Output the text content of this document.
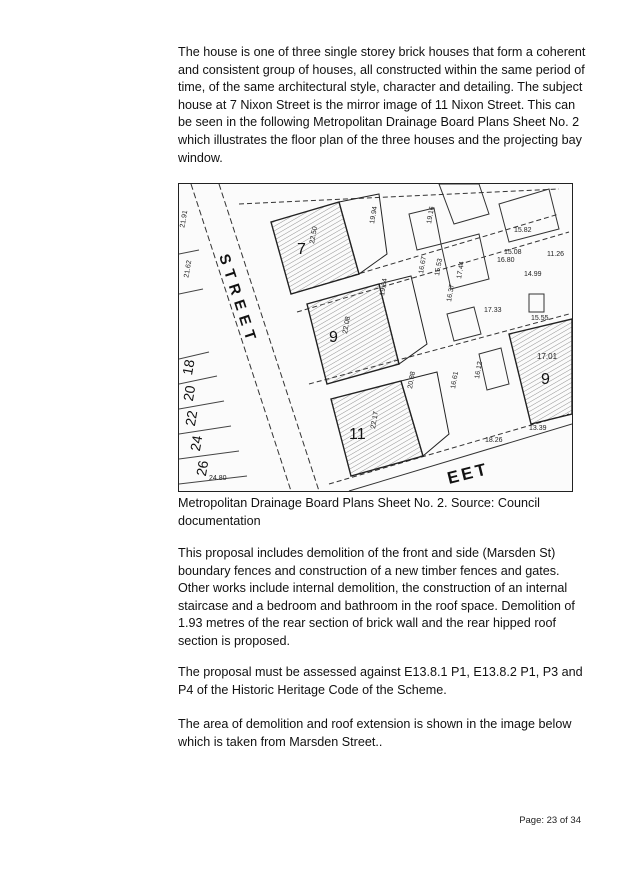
The house is one of three single storey brick houses that form a coherent and consistent group of houses, all constructed within the same period of time, of the same architectural style, character and detailing. The subject house at 7 Nixon Street is the mirror image of 11 Nixon Street. This can be seen in the following Metropolitan Drainage Board Plans Sheet No. 2 which illustrates the floor plan of the three houses and the projecting bay window.

STREET
EET
7
9
11
9
22.50
22.08
22.17
19.94
19.64
20.88
17.01
16.80
15.82
14.99
15.55
16.37
17.44
17.33
15.53
16.61
16.12
19.16
16.67
15.08	11.26
13.39
18.26
18
20
22
24
26
21.91
21.62
24.80

Metropolitan Drainage Board Plans Sheet No. 2. Source: Council documentation

This proposal includes demolition of the front and side (Marsden St) boundary fences and construction of a new timber fences and gates. Other works include internal demolition, the construction of an internal staircase and a bedroom and bathroom in the roof space. Demolition of 1.93 metres of the rear section of brick wall and the rear hipped roof section is proposed.

The proposal must be assessed against E13.8.1 P1, E13.8.2 P1, P3 and P4 of the Historic Heritage Code of the Scheme.

The area of demolition and roof extension is shown in the image below which is taken from Marsden Street..

Page: 23 of 34
